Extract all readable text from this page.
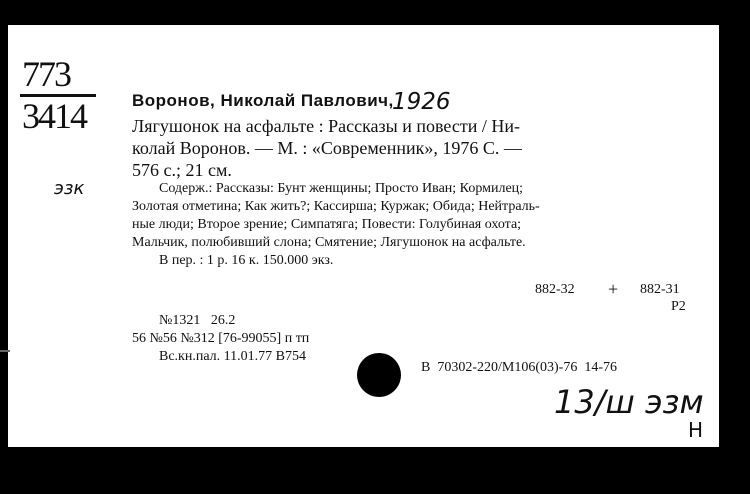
773
3414
эзк
Воронов, Николай Павлович,
1926
Лягушонок на асфальте : Рассказы и повести / Ни-
колай Воронов. — М. : «Современник», 1976 С. —
576 с.; 21 см.
Содерж.: Рассказы: Бунт женщины; Просто Иван; Кормилец;
Золотая отметина; Как жить?; Кассирша; Куржак; Обида; Нейтраль-
ные люди; Второе зрение; Симпатяга; Повести: Голубиная охота;
Мальчик, полюбивший слона; Смятение; Лягушонок на асфальте.
В пер. : 1 р. 16 к. 150.000 экз.
882-32 + 882-31
Р2
№1321   26.2
56 №56 №312 [76-99055] п тп
Вс.кн.пал. 11.01.77 В754
В  70302-220/М106(03)-76  14-76
13/ш эзм
Н
